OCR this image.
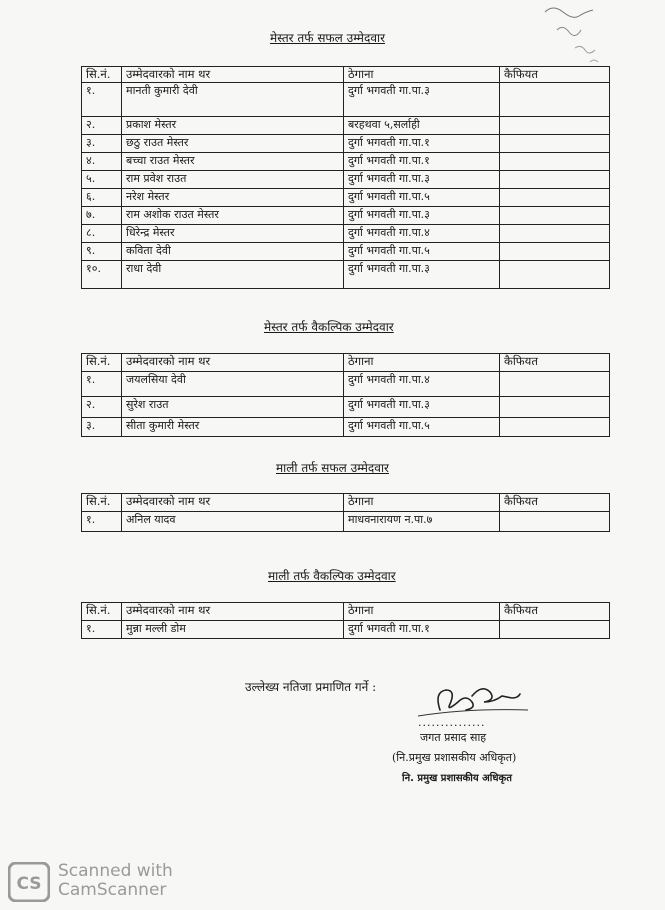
मेस्तर तर्फ सफल उम्मेदवार
सि.नं.	उम्मेदवारको नाम थर	ठेगाना	कैफियत
१.	मानती कुमारी देवी	दुर्गा भगवती गा.पा.३	
२.	प्रकाश मेस्तर	बरहथवा ५,सर्लाही	
३.	छठु राउत मेस्तर	दुर्गा भगवती गा.पा.१	
४.	बच्चा राउत मेस्तर	दुर्गा भगवती गा.पा.१	
५.	राम प्रवेश राउत	दुर्गा भगवती गा.पा.३	
६.	नरेश मेस्तर	दुर्गा भगवती गा.पा.५	
७.	राम अशोक राउत मेस्तर	दुर्गा भगवती गा.पा.३	
८.	धिरेन्द्र मेस्तर	दुर्गा भगवती गा.पा.४	
९.	कविता देवी	दुर्गा भगवती गा.पा.५	
१०.	राधा देवी	दुर्गा भगवती गा.पा.३	
मेस्तर तर्फ वैकल्पिक उम्मेदवार
सि.नं.	उम्मेदवारको नाम थर	ठेगाना	कैफियत
१.	जयलसिया देवी	दुर्गा भगवती गा.पा.४	
२.	सुरेश राउत	दुर्गा भगवती गा.पा.३	
३.	सीता कुमारी मेस्तर	दुर्गा भगवती गा.पा.५	
माली तर्फ सफल उम्मेदवार
सि.नं.	उम्मेदवारको नाम थर	ठेगाना	कैफियत
१.	अनिल यादव	माधवनारायण न.पा.७	
माली तर्फ वैकल्पिक उम्मेदवार
सि.नं.	उम्मेदवारको नाम थर	ठेगाना	कैफियत
१.	मुन्ना मल्ली डोम	दुर्गा भगवती गा.पा.१	
उल्लेख्य नतिजा प्रमाणित गर्ने :
...............
जगत प्रसाद साह
(नि.प्रमुख प्रशासकीय अधिकृत)
नि. प्रमुख प्रशासकीय अधिकृत
CS
Scanned with
CamScanner
